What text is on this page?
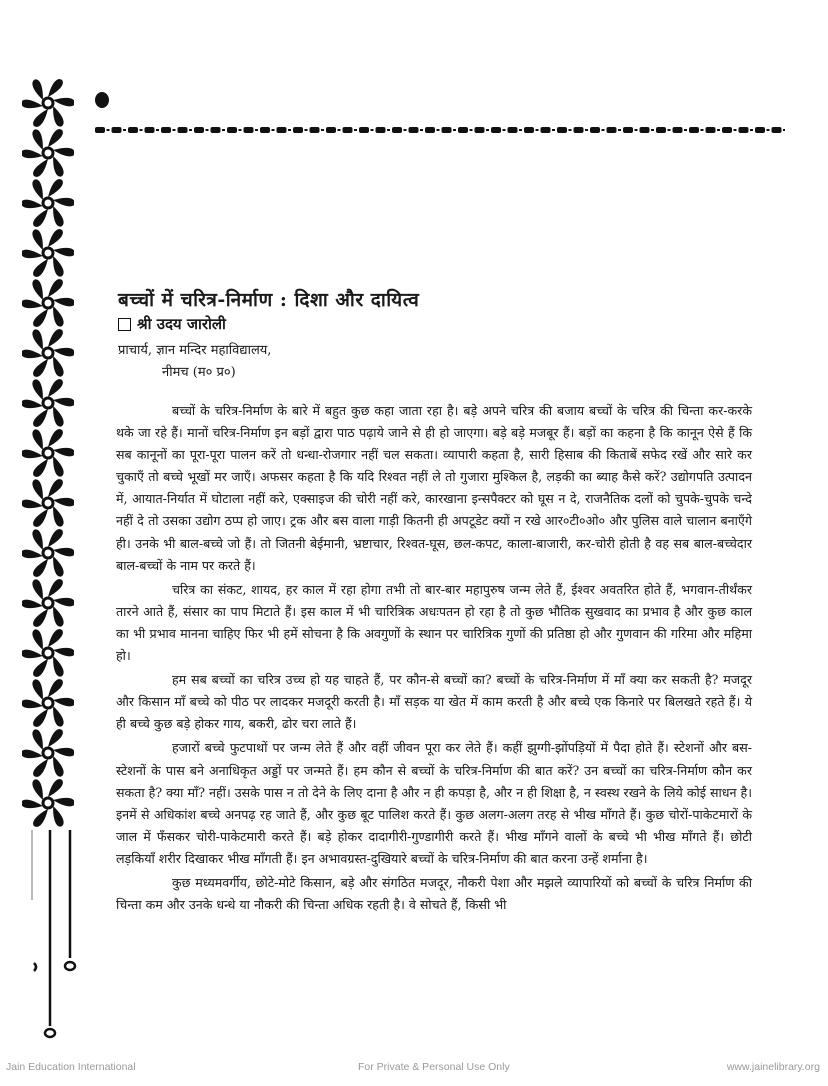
बच्चों में चरित्र-निर्माण : दिशा और दायित्व
श्री उदय जारोली
प्राचार्य, ज्ञान मन्दिर महाविद्यालय,
नीमच (म० प्र०)

बच्चों के चरित्र-निर्माण के बारे में बहुत कुछ कहा जाता रहा है। बड़े अपने चरित्र की बजाय बच्चों के चरित्र की चिन्ता कर-करके थके जा रहे हैं। मानों चरित्र-निर्माण इन बड़ों द्वारा पाठ पढ़ाये जाने से ही हो जाएगा। बड़े बड़े मजबूर हैं। बड़ों का कहना है कि कानून ऐसे हैं कि सब कानूनों का पूरा-पूरा पालन करें तो धन्धा-रोजगार नहीं चल सकता। व्यापारी कहता है, सारी हिसाब की किताबें सफेद रखें और सारे कर चुकाएँ तो बच्चे भूखों मर जाएँ। अफसर कहता है कि यदि रिश्वत नहीं ले तो गुजारा मुश्किल है, लड़की का ब्याह कैसे करें? उद्योगपति उत्पादन में, आयात-निर्यात में घोटाला नहीं करे, एक्साइज की चोरी नहीं करे, कारखाना इन्सपैक्टर को घूस न दे, राजनैतिक दलों को चुपके-चुपके चन्दे नहीं दे तो उसका उद्योग ठप्प हो जाए। ट्रक और बस वाला गाड़ी कितनी ही अपटूडेट क्यों न रखे आर०टी०ओ० और पुलिस वाले चालान बनाएँगे ही। उनके भी बाल-बच्चे जो हैं। तो जितनी बेईमानी, भ्रष्टाचार, रिश्वत-घूस, छल-कपट, काला-बाजारी, कर-चोरी होती है वह सब बाल-बच्चेदार बाल-बच्चों के नाम पर करते हैं।

चरित्र का संकट, शायद, हर काल में रहा होगा तभी तो बार-बार महापुरुष जन्म लेते हैं, ईश्वर अवतरित होते हैं, भगवान-तीर्थंकर तारने आते हैं, संसार का पाप मिटाते हैं। इस काल में भी चारित्रिक अधःपतन हो रहा है तो कुछ भौतिक सुखवाद का प्रभाव है और कुछ काल का भी प्रभाव मानना चाहिए फिर भी हमें सोचना है कि अवगुणों के स्थान पर चारित्रिक गुणों की प्रतिष्ठा हो और गुणवान की गरिमा और महिमा हो।

हम सब बच्चों का चरित्र उच्च हो यह चाहते हैं, पर कौन-से बच्चों का? बच्चों के चरित्र-निर्माण में माँ क्या कर सकती है? मजदूर और किसान माँ बच्चे को पीठ पर लादकर मजदूरी करती है। माँ सड़क या खेत में काम करती है और बच्चे एक किनारे पर बिलखते रहते हैं। ये ही बच्चे कुछ बड़े होकर गाय, बकरी, ढोर चरा लाते हैं।

हजारों बच्चे फुटपाथों पर जन्म लेते हैं और वहीं जीवन पूरा कर लेते हैं। कहीं झुग्गी-झोंपड़ियों में पैदा होते हैं। स्टेशनों और बस-स्टेशनों के पास बने अनाधिकृत अड्डों पर जन्मते हैं। हम कौन से बच्चों के चरित्र-निर्माण की बात करें? उन बच्चों का चरित्र-निर्माण कौन कर सकता है? क्या माँ? नहीं। उसके पास न तो देने के लिए दाना है और न ही कपड़ा है, और न ही शिक्षा है, न स्वस्थ रखने के लिये कोई साधन है। इनमें से अधिकांश बच्चे अनपढ़ रह जाते हैं, और कुछ बूट पालिश करते हैं। कुछ अलग-अलग तरह से भीख माँगते हैं। कुछ चोरों-पाकेटमारों के जाल में फँसकर चोरी-पाकेटमारी करते हैं। बड़े होकर दादागीरी-गुण्डागीरी करते हैं। भीख माँगने वालों के बच्चे भी भीख माँगते हैं। छोटी लड़कियाँ शरीर दिखाकर भीख माँगती हैं। इन अभावग्रस्त-दुखियारे बच्चों के चरित्र-निर्माण की बात करना उन्हें शर्माना है।

कुछ मध्यमवर्गीय, छोटे-मोटे किसान, बड़े और संगठित मजदूर, नौकरी पेशा और मझले व्यापारियों को बच्चों के चरित्र निर्माण की चिन्ता कम और उनके धन्धे या नौकरी की चिन्ता अधिक रहती है। वे सोचते हैं, किसी भी

Jain Education International	For Private & Personal Use Only	www.jainelibrary.org
